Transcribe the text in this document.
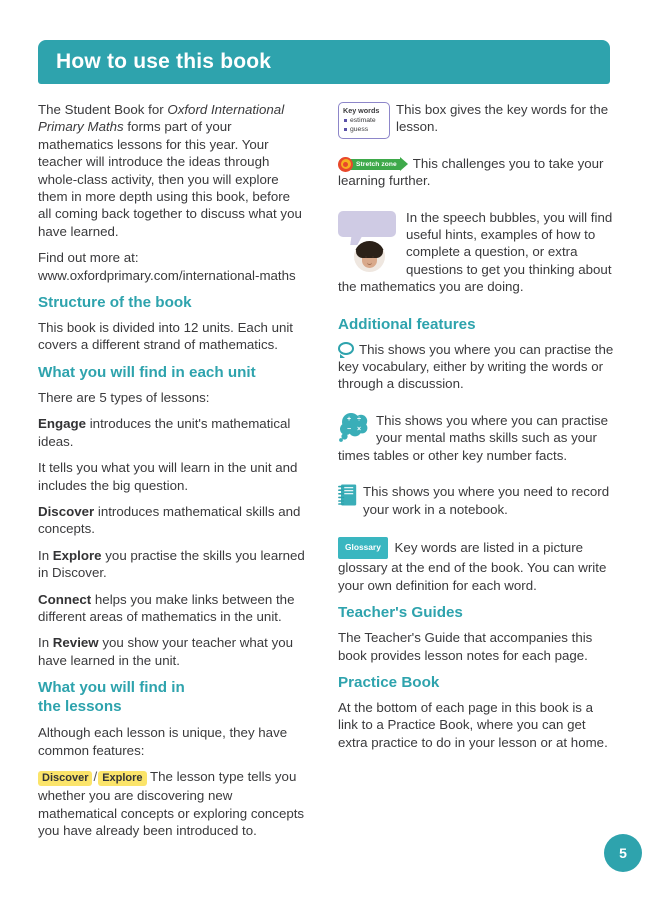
How to use this book

The Student Book for Oxford International Primary Maths forms part of your mathematics lessons for this year. Your teacher will introduce the ideas through whole-class activity, then you will explore them in more depth using this book, before all coming back together to discuss what you have learned.

Find out more at: www.oxfordprimary.com/international-maths

Structure of the book

This book is divided into 12 units. Each unit covers a different strand of mathematics.

What you will find in each unit

There are 5 types of lessons:

Engage introduces the unit's mathematical ideas.

It tells you what you will learn in the unit and includes the big question.

Discover introduces mathematical skills and concepts.

In Explore you practise the skills you learned in Discover.

Connect helps you make links between the different areas of mathematics in the unit.

In Review you show your teacher what you have learned in the unit.

What you will find in
the lessons

Although each lesson is unique, they have common features:

Discover / Explore The lesson type tells you whether you are discovering new mathematical concepts or exploring concepts you have already been introduced to.

Key words
estimate
guess

This box gives the key words for the lesson.

Stretch zone	This challenges you to take your learning further.

In the speech bubbles, you will find useful hints, examples of how to complete a question, or extra questions to get you thinking about the mathematics you are doing.

Additional features

This shows you where you can practise the key vocabulary, either by writing the words or through a discussion.

+ ÷
− ×

This shows you where you can practise your mental maths skills such as your times tables or other key number facts.

This shows you where you need to record your work in a notebook.

Glossary Key words are listed in a picture glossary at the end of the book. You can write your own definition for each word.

Teacher's Guides

The Teacher's Guide that accompanies this book provides lesson notes for each page.

Practice Book

At the bottom of each page in this book is a link to a Practice Book, where you can get extra practice to do in your lesson or at home.

5
